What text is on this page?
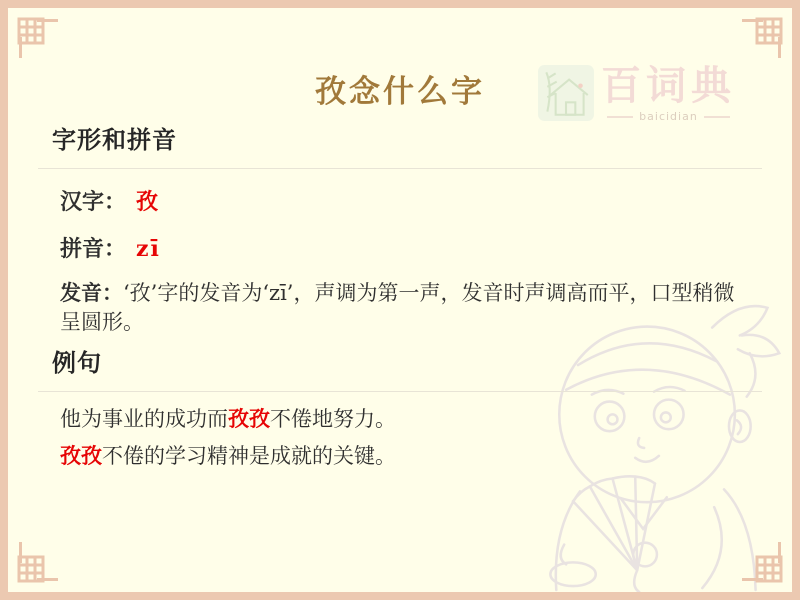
百词典
baicidian
孜念什么字
字形和拼音
汉字： 孜
拼音： zī
发音：‘孜’字的发音为‘zī’，声调为第一声，发音时声调高而平，口型稍微呈圆形。
例句
他为事业的成功而孜孜不倦地努力。
孜孜不倦的学习精神是成就的关键。
